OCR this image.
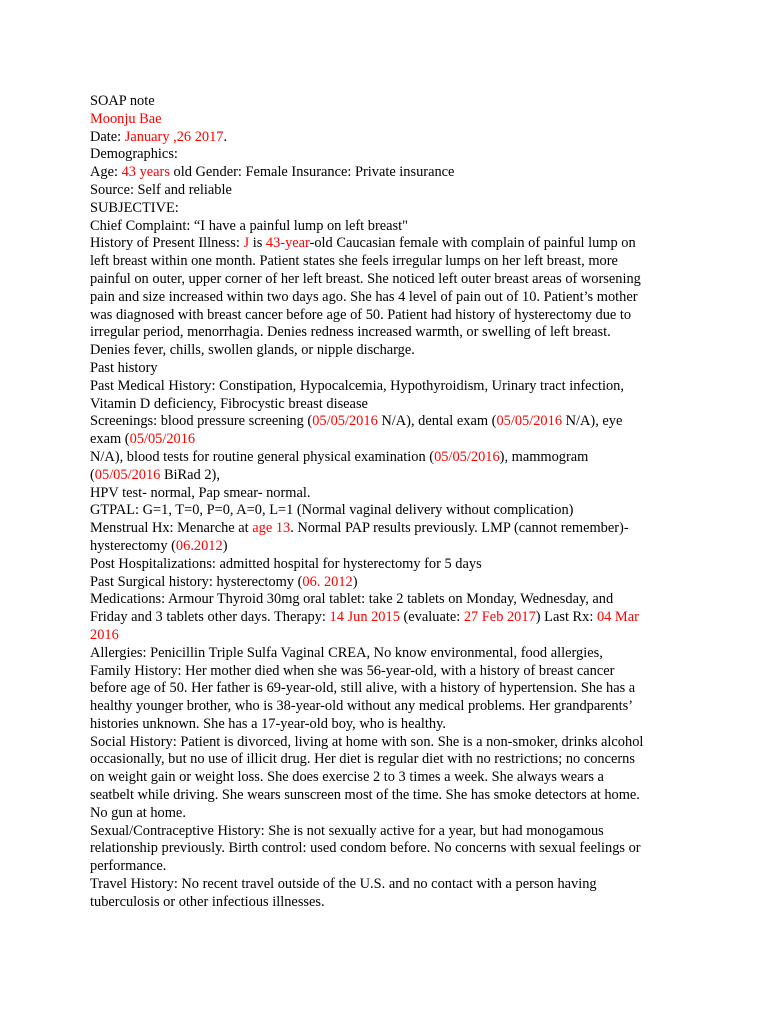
SOAP note
Moonju Bae
Date: January ,26 2017.
Demographics:
Age: 43 years old Gender: Female Insurance: Private insurance
Source: Self and reliable
SUBJECTIVE:
Chief Complaint: “I have a painful lump on left breast"
History of Present Illness: J is 43-year-old Caucasian female with complain of painful lump on
left breast within one month. Patient states she feels irregular lumps on her left breast, more
painful on outer, upper corner of her left breast. She noticed left outer breast areas of worsening
pain and size increased within two days ago. She has 4 level of pain out of 10. Patient’s mother
was diagnosed with breast cancer before age of 50. Patient had history of hysterectomy due to
irregular period, menorrhagia. Denies redness increased warmth, or swelling of left breast.
Denies fever, chills, swollen glands, or nipple discharge.
Past history
Past Medical History: Constipation, Hypocalcemia, Hypothyroidism, Urinary tract infection,
Vitamin D deficiency, Fibrocystic breast disease
Screenings: blood pressure screening (05/05/2016 N/A), dental exam (05/05/2016 N/A), eye
exam (05/05/2016
N/A), blood tests for routine general physical examination (05/05/2016), mammogram
(05/05/2016 BiRad 2),
HPV test- normal, Pap smear- normal.
GTPAL: G=1, T=0, P=0, A=0, L=1 (Normal vaginal delivery without complication)
Menstrual Hx: Menarche at age 13. Normal PAP results previously. LMP (cannot remember)-
hysterectomy (06.2012)
Post Hospitalizations: admitted hospital for hysterectomy for 5 days
Past Surgical history: hysterectomy (06. 2012)
Medications: Armour Thyroid 30mg oral tablet: take 2 tablets on Monday, Wednesday, and
Friday and 3 tablets other days. Therapy: 14 Jun 2015 (evaluate: 27 Feb 2017) Last Rx: 04 Mar
2016
Allergies: Penicillin Triple Sulfa Vaginal CREA, No know environmental, food allergies,
Family History: Her mother died when she was 56-year-old, with a history of breast cancer
before age of 50. Her father is 69-year-old, still alive, with a history of hypertension. She has a
healthy younger brother, who is 38-year-old without any medical problems. Her grandparents’
histories unknown. She has a 17-year-old boy, who is healthy.
Social History: Patient is divorced, living at home with son. She is a non-smoker, drinks alcohol
occasionally, but no use of illicit drug. Her diet is regular diet with no restrictions; no concerns
on weight gain or weight loss. She does exercise 2 to 3 times a week. She always wears a
seatbelt while driving. She wears sunscreen most of the time. She has smoke detectors at home.
No gun at home.
Sexual/Contraceptive History: She is not sexually active for a year, but had monogamous
relationship previously. Birth control: used condom before. No concerns with sexual feelings or
performance.
Travel History: No recent travel outside of the U.S. and no contact with a person having
tuberculosis or other infectious illnesses.
